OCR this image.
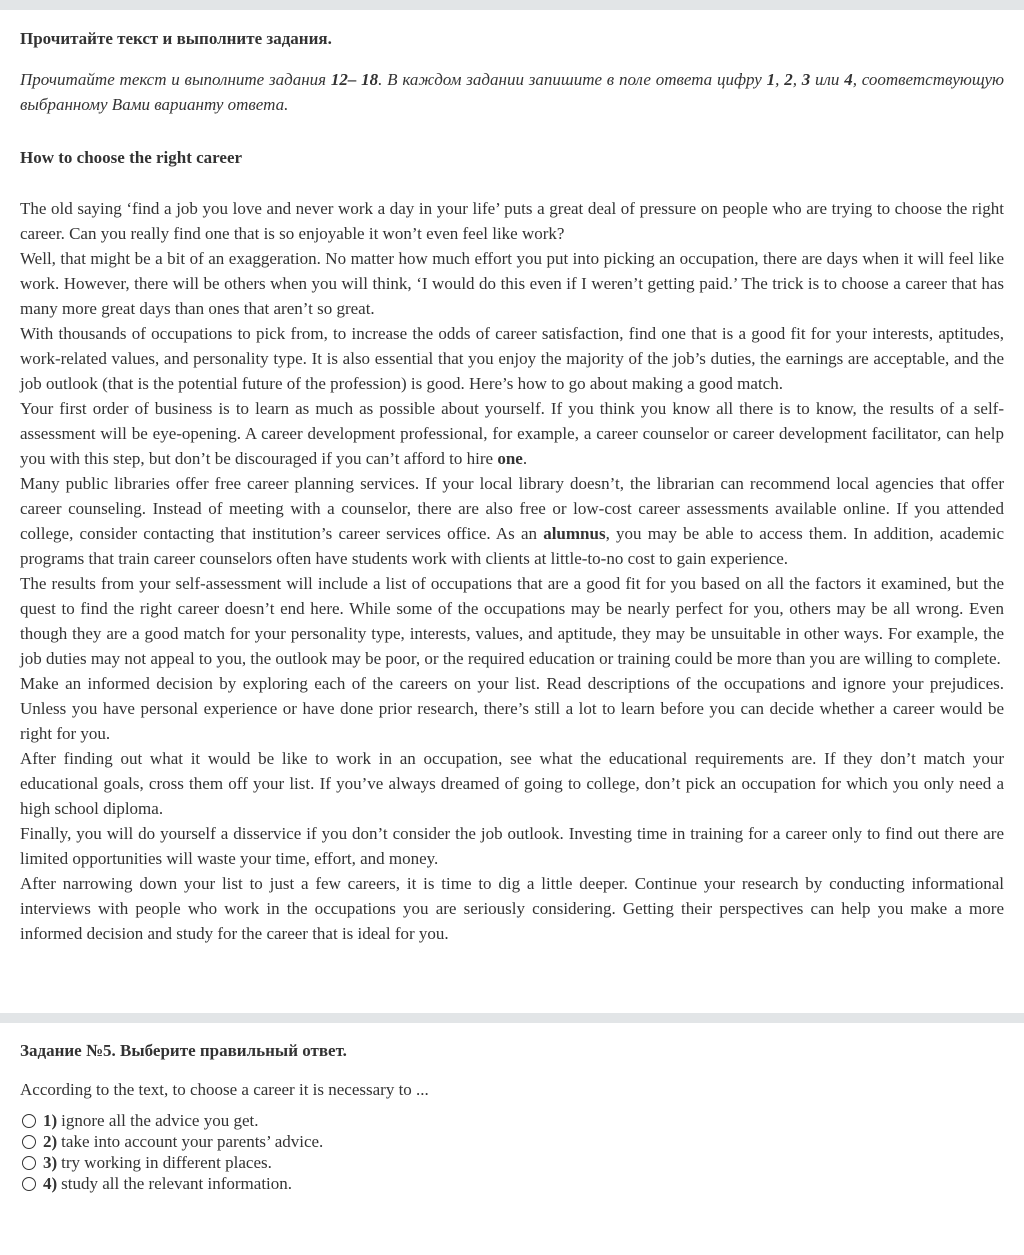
Прочитайте текст и выполните задания.

Прочитайте текст и выполните задания 12– 18. В каждом задании запишите в поле ответа цифру 1, 2, 3 или 4, соответствующую выбранному Вами варианту ответа.

How to choose the right career

The old saying ‘find a job you love and never work a day in your life’ puts a great deal of pressure on people who are trying to choose the right career. Can you really find one that is so enjoyable it won’t even feel like work?

Well, that might be a bit of an exaggeration. No matter how much effort you put into picking an occupation, there are days when it will feel like work. However, there will be others when you will think, ‘I would do this even if I weren’t getting paid.’ The trick is to choose a career that has many more great days than ones that aren’t so great.

With thousands of occupations to pick from, to increase the odds of career satisfaction, find one that is a good fit for your interests, aptitudes, work-related values, and personality type. It is also essential that you enjoy the majority of the job’s duties, the earnings are acceptable, and the job outlook (that is the potential future of the profession) is good. Here’s how to go about making a good match.

Your first order of business is to learn as much as possible about yourself. If you think you know all there is to know, the results of a self-assessment will be eye-opening. A career development professional, for example, a career counselor or career development facilitator, can help you with this step, but don’t be discouraged if you can’t afford to hire one.

Many public libraries offer free career planning services. If your local library doesn’t, the librarian can recommend local agencies that offer career counseling. Instead of meeting with a counselor, there are also free or low-cost career assessments available online. If you attended college, consider contacting that institution’s career services office. As an alumnus, you may be able to access them. In addition, academic programs that train career counselors often have students work with clients at little-to-no cost to gain experience.

The results from your self-assessment will include a list of occupations that are a good fit for you based on all the factors it examined, but the quest to find the right career doesn’t end here. While some of the occupations may be nearly perfect for you, others may be all wrong. Even though they are a good match for your personality type, interests, values, and aptitude, they may be unsuitable in other ways. For example, the job duties may not appeal to you, the outlook may be poor, or the required education or training could be more than you are willing to complete.

Make an informed decision by exploring each of the careers on your list. Read descriptions of the occupations and ignore your prejudices. Unless you have personal experience or have done prior research, there’s still a lot to learn before you can decide whether a career would be right for you.

After finding out what it would be like to work in an occupation, see what the educational requirements are. If they don’t match your educational goals, cross them off your list. If you’ve always dreamed of going to college, don’t pick an occupation for which you only need a high school diploma.

Finally, you will do yourself a disservice if you don’t consider the job outlook. Investing time in training for a career only to find out there are limited opportunities will waste your time, effort, and money.

After narrowing down your list to just a few careers, it is time to dig a little deeper. Continue your research by conducting informational interviews with people who work in the occupations you are seriously considering. Getting their perspectives can help you make a more informed decision and study for the career that is ideal for you.

Задание №5. Выберите правильный ответ.

According to the text, to choose a career it is necessary to ...

1) ignore all the advice you get.
2) take into account your parents’ advice.
3) try working in different places.
4) study all the relevant information.
